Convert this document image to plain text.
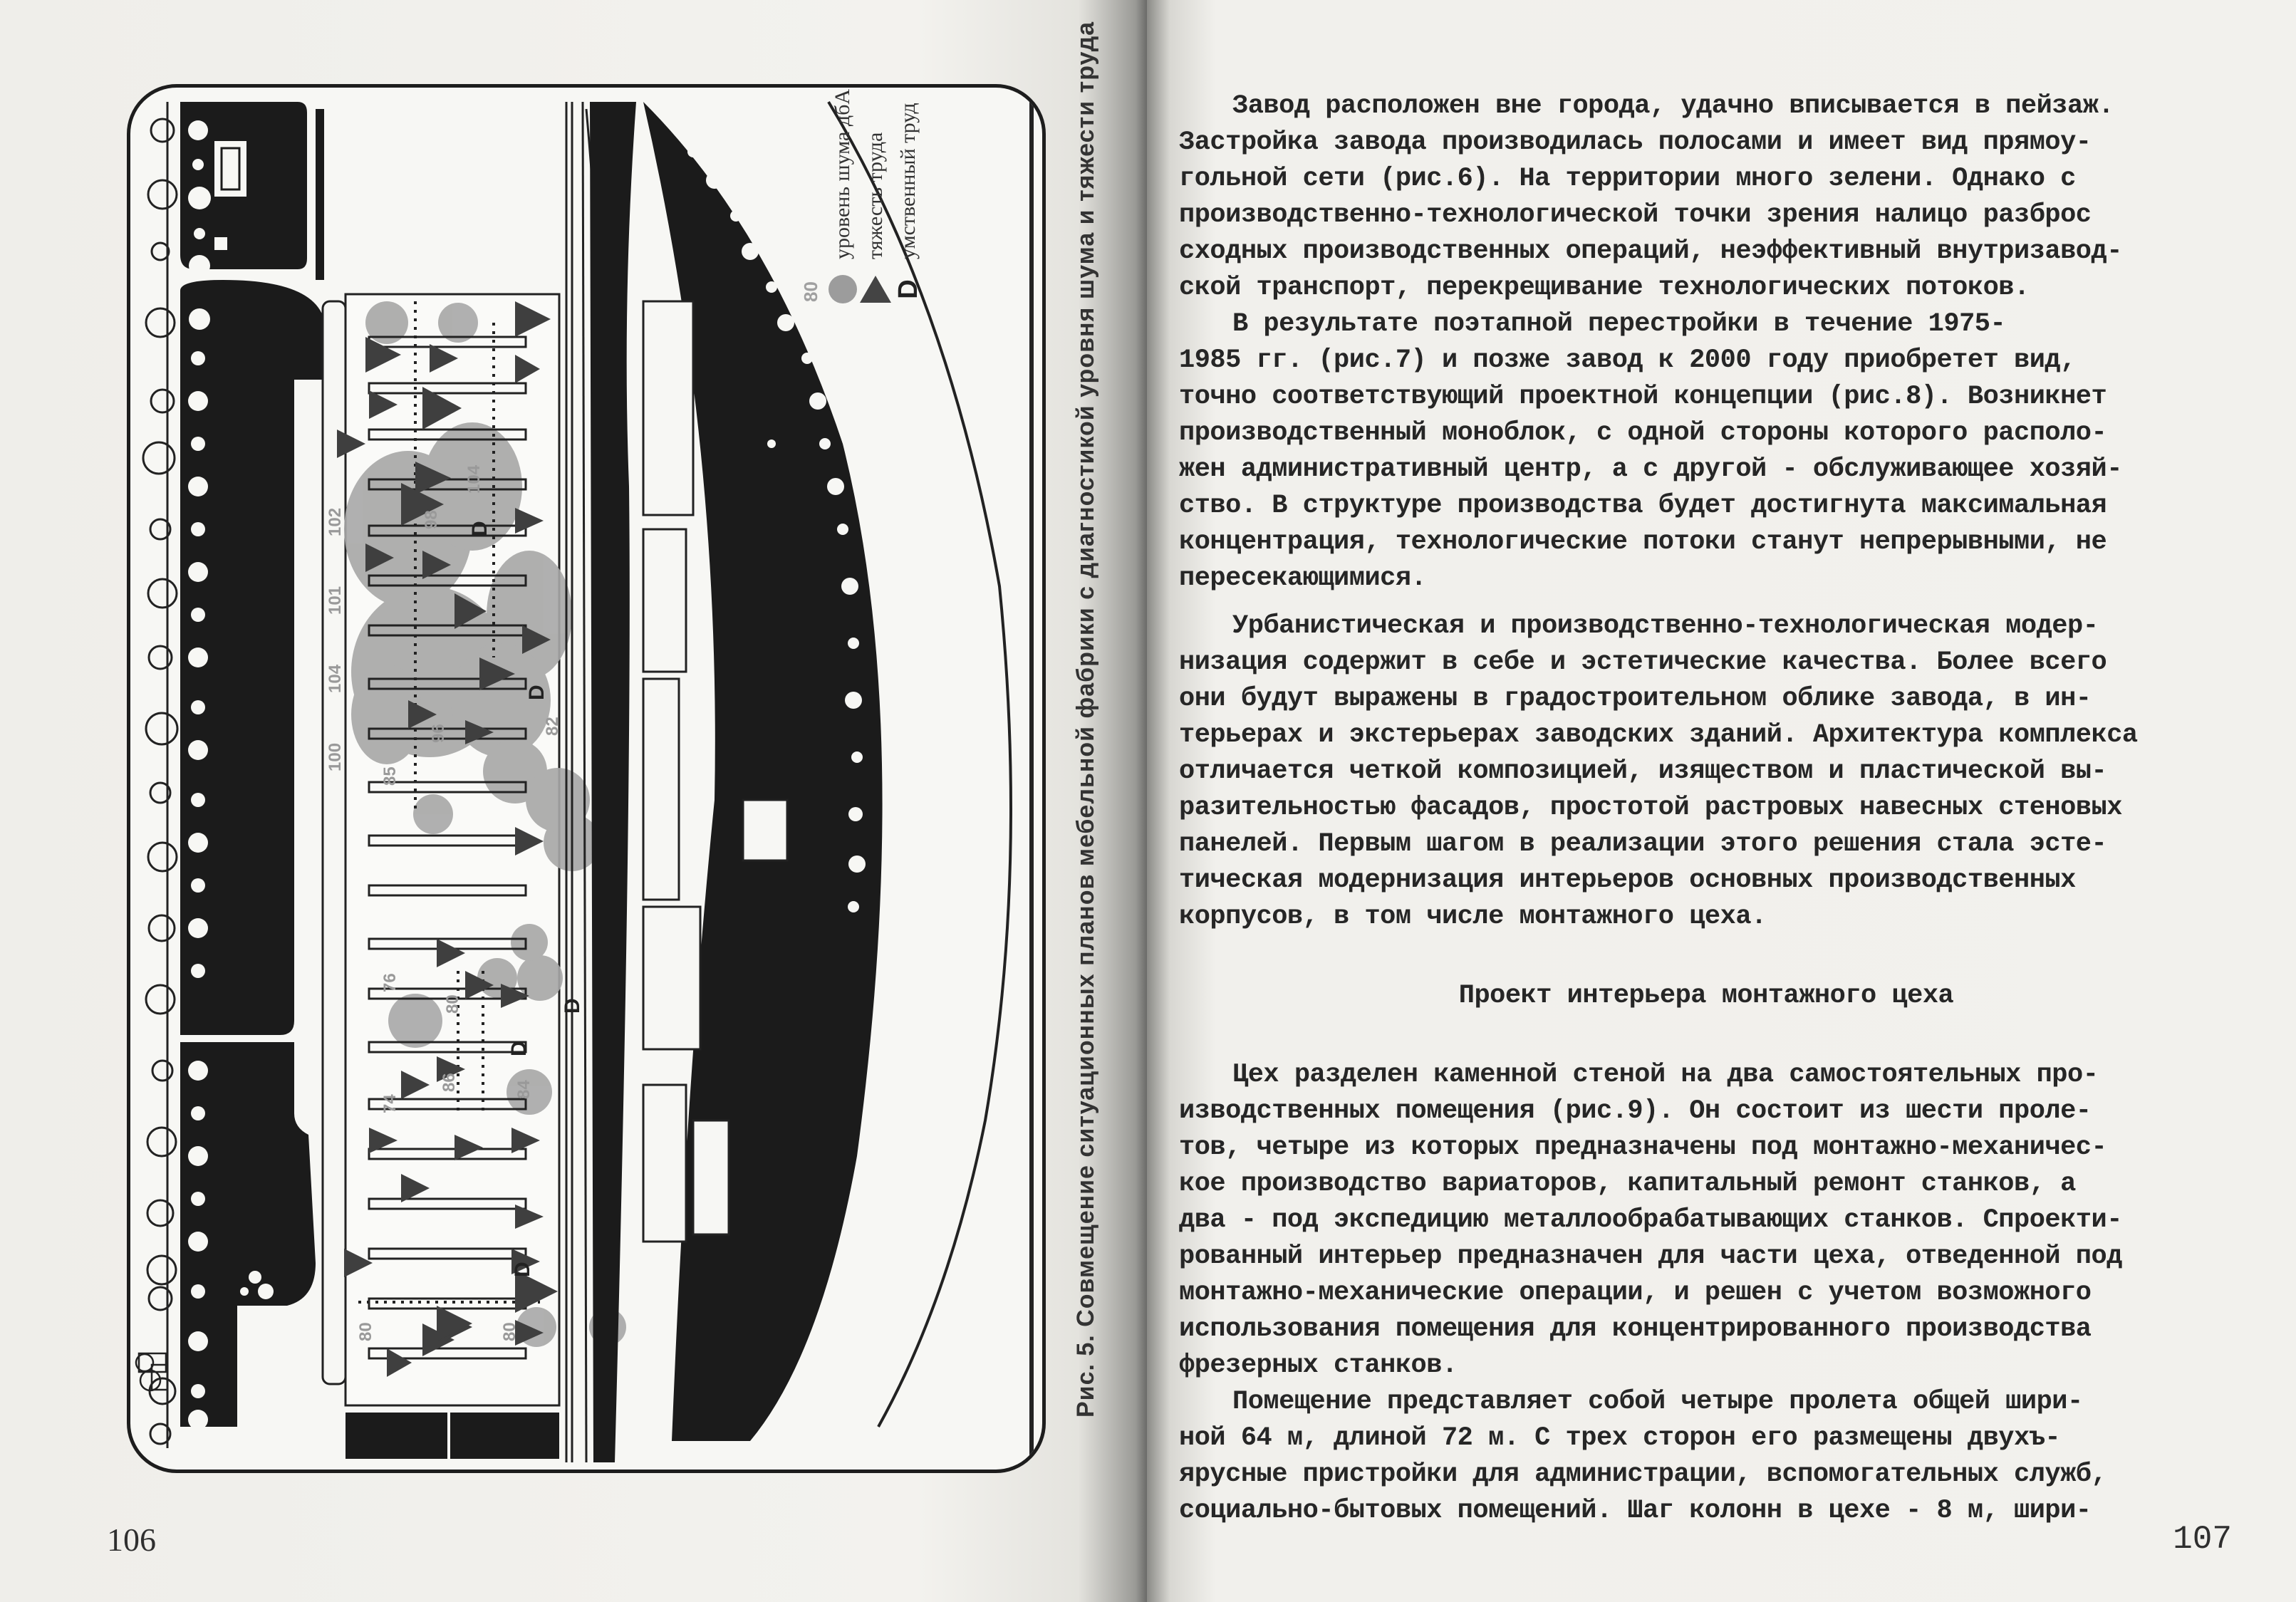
D
D
D
D
D
102
101
104
100
85
96	82
76
80
74
86	84
80	80
104
98
80
уровень шума дбА тяжесть труда
D
умственный труд	Рис. 5. Совмещение ситуационных планов мебельной фабрики с диагностикой уровня шума и тяжести труда
106
Завод расположен вне города, удачно вписывается в пейзаж.
Застройка завода производилась полосами и имеет вид прямоу-
гольной сети (рис.6). На территории много зелени. Однако с
производственно-технологической точки зрения налицо разброс
сходных производственных операций, неэффективный внутризавод-
ской транспорт, перекрещивание технологических потоков.
В результате поэтапной перестройки в течение 1975-
1985 гг. (рис.7) и позже завод к 2000 году приобретет вид,
точно соответствующий проектной концепции (рис.8). Возникнет
производственный моноблок, с одной стороны которого располо-
жен административный центр, а с другой - обслуживающее хозяй-
ство. В структуре производства будет достигнута максимальная
концентрация, технологические потоки станут непрерывными, не
пересекающимися.
Урбанистическая и производственно-технологическая модер-
низация содержит в себе и эстетические качества. Более всего
они будут выражены в градостроительном облике завода, в ин-
терьерах и экстерьерах заводских зданий. Архитектура комплекса
отличается четкой композицией, изяществом и пластической вы-
разительностью фасадов, простотой растровых навесных стеновых
панелей. Первым шагом в реализации этого решения стала эсте-
тическая модернизация интерьеров основных производственных
корпусов, в том числе монтажного цеха.
Проект интерьера монтажного цеха
Цех разделен каменной стеной на два самостоятельных про-
изводственных помещения (рис.9). Он состоит из шести проле-
тов, четыре из которых предназначены под монтажно-механичес-
кое производство вариаторов, капитальный ремонт станков, а
два - под экспедицию металлообрабатывающих станков. Спроекти-
рованный интерьер предназначен для части цеха, отведенной под
монтажно-механические операции, и решен с учетом возможного
использования помещения для концентрированного производства
фрезерных станков.
Помещение представляет собой четыре пролета общей шири-
ной 64 м, длиной 72 м. С трех сторон его размещены двухъ-
ярусные пристройки для администрации, вспомогательных служб,
социально-бытовых помещений. Шаг колонн в цехе - 8 м, шири-
107
